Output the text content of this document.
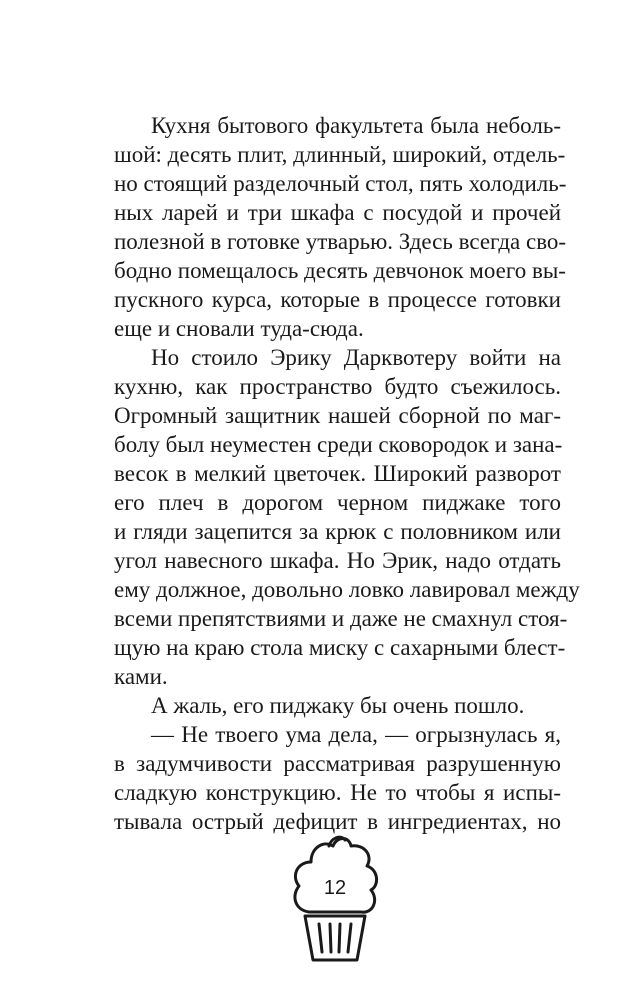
Кухня бытового факультета была неболь-
шой: десять плит, длинный, широкий, отдель-
но стоящий разделочный стол, пять холодиль-
ных ларей и три шкафа с посудой и прочей
полезной в готовке утварью. Здесь всегда сво-
бодно помещалось десять девчонок моего вы-
пускного курса, которые в процессе готовки
еще и сновали туда-сюда.
Но стоило Эрику Дарквотеру войти на
кухню, как пространство будто съежилось.
Огромный защитник нашей сборной по маг-
болу был неуместен среди сковородок и зана-
весок в мелкий цветочек. Широкий разворот
его плеч в дорогом черном пиджаке того
и гляди зацепится за крюк с половником или
угол навесного шкафа. Но Эрик, надо отдать
ему должное, довольно ловко лавировал между
всеми препятствиями и даже не смахнул стоя-
щую на краю стола миску с сахарными блест-
ками.
А жаль, его пиджаку бы очень пошло.
— Не твоего ума дела, — огрызнулась я,
в задумчивости рассматривая разрушенную
сладкую конструкцию. Не то чтобы я испы-
тывала острый дефицит в ингредиентах, но
12
